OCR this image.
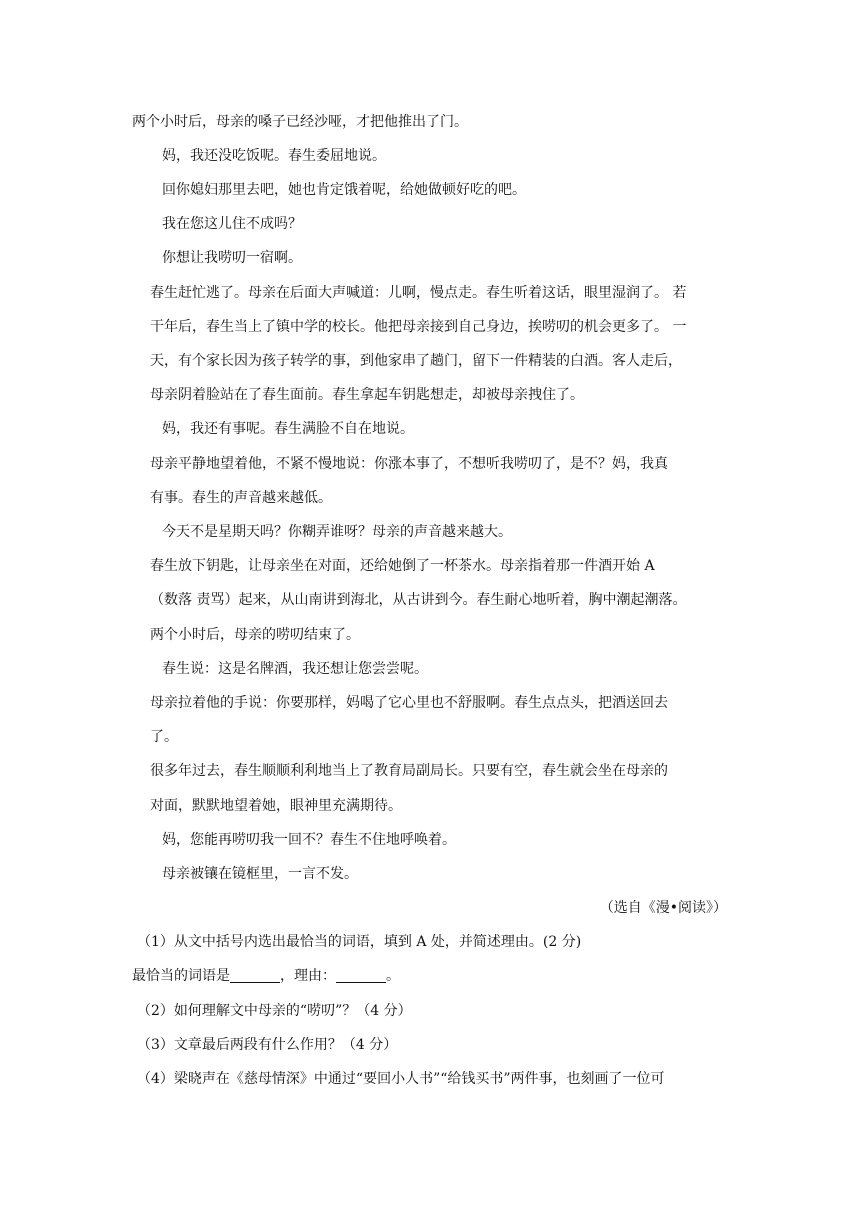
两个小时后，母亲的嗓子已经沙哑，才把他推出了门。
妈，我还没吃饭呢。春生委屈地说。
回你媳妇那里去吧，她也肯定饿着呢，给她做顿好吃的吧。
我在您这儿住不成吗？
你想让我唠叨一宿啊。
春生赶忙逃了。母亲在后面大声喊道：儿啊，慢点走。春生听着这话，眼里湿润了。 若
干年后，春生当上了镇中学的校长。他把母亲接到自己身边，挨唠叨的机会更多了。 一
天，有个家长因为孩子转学的事，到他家串了趟门，留下一件精装的白酒。客人走后，
母亲阴着脸站在了春生面前。春生拿起车钥匙想走，却被母亲拽住了。
妈，我还有事呢。春生满脸不自在地说。
母亲平静地望着他，不紧不慢地说：你涨本事了，不想听我唠叨了，是不？妈，我真
有事。春生的声音越来越低。
今天不是星期天吗？你糊弄谁呀？母亲的声音越来越大。
春生放下钥匙，让母亲坐在对面，还给她倒了一杯茶水。母亲指着那一件酒开始 A
（数落 责骂）起来，从山南讲到海北，从古讲到今。春生耐心地听着，胸中潮起潮落。
两个小时后，母亲的唠叨结束了。
春生说：这是名牌酒，我还想让您尝尝呢。
母亲拉着他的手说：你要那样，妈喝了它心里也不舒服啊。春生点点头，把酒送回去
了。
很多年过去，春生顺顺利利地当上了教育局副局长。只要有空，春生就会坐在母亲的
对面，默默地望着她，眼神里充满期待。
妈，您能再唠叨我一回不？春生不住地呼唤着。
母亲被镶在镜框里，一言不发。
（选自《漫•阅读》）
（1）从文中括号内选出最恰当的词语，填到 A 处，并简述理由。(2 分)
最恰当的词语是	，理由：	。
（2）如何理解文中母亲的“唠叨”？（4 分）
（3）文章最后两段有什么作用？（4 分）
（4）梁晓声在《慈母情深》中通过“要回小人书”“给钱买书”两件事，也刻画了一位可
